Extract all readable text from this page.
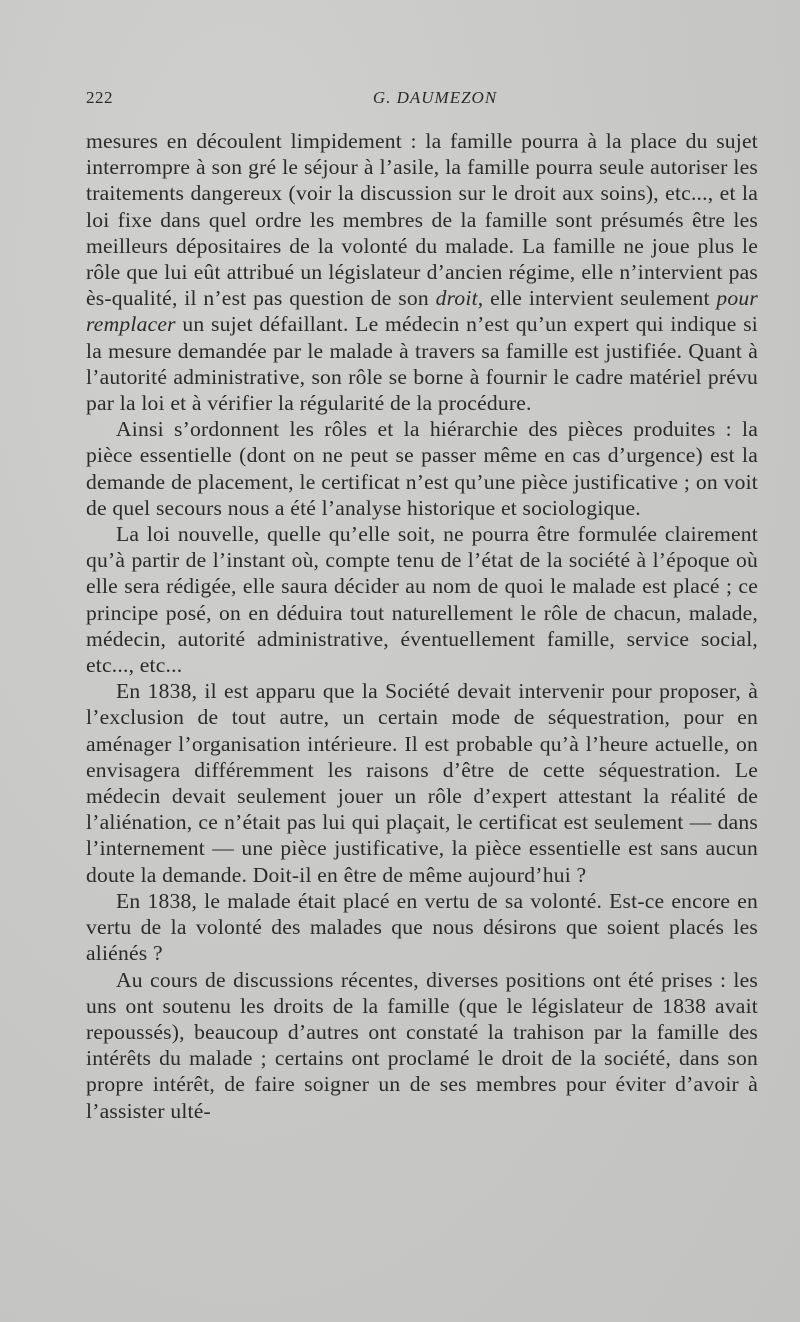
222	G. DAUMEZON

mesures en découlent limpidement : la famille pourra à la place du sujet interrompre à son gré le séjour à l’asile, la famille pourra seule autoriser les traitements dangereux (voir la discussion sur le droit aux soins), etc..., et la loi fixe dans quel ordre les membres de la famille sont présumés être les meilleurs dépositaires de la volonté du malade. La famille ne joue plus le rôle que lui eût attribué un législateur d’ancien régime, elle n’intervient pas ès-qualité, il n’est pas question de son droit, elle intervient seulement pour remplacer un sujet défaillant. Le médecin n’est qu’un expert qui indique si la mesure demandée par le malade à travers sa famille est justifiée. Quant à l’autorité administrative, son rôle se borne à fournir le cadre matériel prévu par la loi et à vérifier la régularité de la procédure.

Ainsi s’ordonnent les rôles et la hiérarchie des pièces produites : la pièce essentielle (dont on ne peut se passer même en cas d’urgence) est la demande de placement, le certificat n’est qu’une pièce justificative ; on voit de quel secours nous a été l’analyse historique et sociologique.

La loi nouvelle, quelle qu’elle soit, ne pourra être formulée clairement qu’à partir de l’instant où, compte tenu de l’état de la société à l’époque où elle sera rédigée, elle saura décider au nom de quoi le malade est placé ; ce principe posé, on en déduira tout naturellement le rôle de chacun, malade, médecin, autorité administrative, éventuellement famille, service social, etc..., etc...

En 1838, il est apparu que la Société devait intervenir pour proposer, à l’exclusion de tout autre, un certain mode de séquestration, pour en aménager l’organisation intérieure. Il est probable qu’à l’heure actuelle, on envisagera différemment les raisons d’être de cette séquestration. Le médecin devait seulement jouer un rôle d’expert attestant la réalité de l’aliénation, ce n’était pas lui qui plaçait, le certificat est seulement — dans l’internement — une pièce justificative, la pièce essentielle est sans aucun doute la demande. Doit-il en être de même aujourd’hui ?

En 1838, le malade était placé en vertu de sa volonté. Est-ce encore en vertu de la volonté des malades que nous désirons que soient placés les aliénés ?

Au cours de discussions récentes, diverses positions ont été prises : les uns ont soutenu les droits de la famille (que le législateur de 1838 avait repoussés), beaucoup d’autres ont constaté la trahison par la famille des intérêts du malade ; certains ont proclamé le droit de la société, dans son propre intérêt, de faire soigner un de ses membres pour éviter d’avoir à l’assister ulté-
